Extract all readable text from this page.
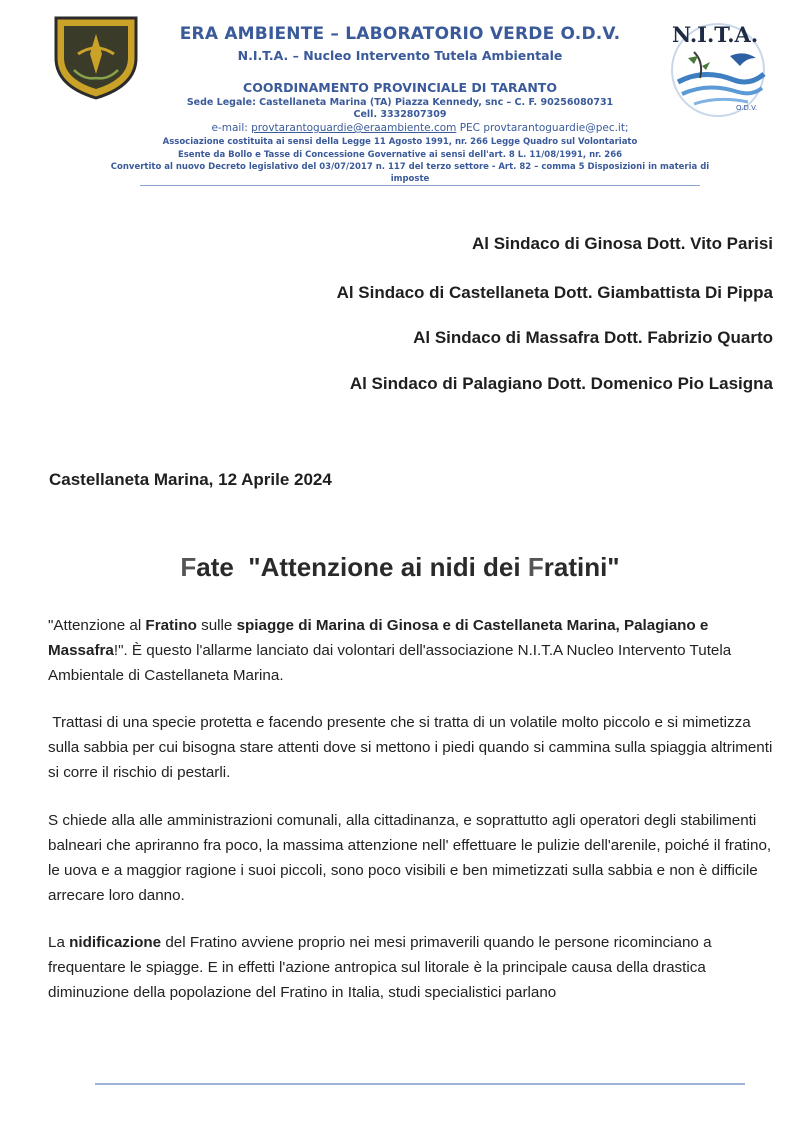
N.I.T.A.
O.D.V.
ERA AMBIENTE – LABORATORIO VERDE O.D.V.
N.I.T.A. – Nucleo Intervento Tutela Ambientale
COORDINAMENTO PROVINCIALE DI TARANTO
Sede Legale: Castellaneta Marina (TA) Piazza Kennedy, snc – C. F. 90256080731
Cell. 3332807309
e-mail: provtarantoguardie@eraambiente.com PEC provtarantoguardie@pec.it;
Associazione costituita ai sensi della Legge 11 Agosto 1991, nr. 266 Legge Quadro sul Volontariato
Esente da Bollo e Tasse di Concessione Governative ai sensi dell'art. 8 L. 11/08/1991, nr. 266
Convertito al nuovo Decreto legislativo del 03/07/2017 n. 117 del terzo settore - Art. 82 – comma 5 Disposizioni in materia di imposte
Al Sindaco di Ginosa Dott. Vito Parisi
Al Sindaco di Castellaneta Dott. Giambattista Di Pippa
Al Sindaco di Massafra Dott. Fabrizio Quarto
Al Sindaco di Palagiano Dott. Domenico Pio Lasigna
Castellaneta Marina, 12 Aprile 2024
Fate  "Attenzione ai nidi dei Fratini"
"Attenzione al Fratino sulle spiagge di Marina di Ginosa e di Castellaneta Marina, Palagiano e Massafra!". È questo l'allarme lanciato dai volontari dell'associazione N.I.T.A Nucleo Intervento Tutela Ambientale di Castellaneta Marina.
Trattasi di una specie protetta e facendo presente che si tratta di un volatile molto piccolo e si mimetizza sulla sabbia per cui bisogna stare attenti dove si mettono i piedi quando si cammina sulla spiaggia altrimenti si corre il rischio di pestarli.
S chiede alla alle amministrazioni comunali, alla cittadinanza, e soprattutto agli operatori degli stabilimenti balneari che apriranno fra poco, la massima attenzione nell' effettuare le pulizie dell'arenile, poiché il fratino, le uova e a maggior ragione i suoi piccoli, sono poco visibili e ben mimetizzati sulla sabbia e non è difficile arrecare loro danno.
La nidificazione del Fratino avviene proprio nei mesi primaverili quando le persone ricominciano a frequentare le spiagge. E in effetti l'azione antropica sul litorale è la principale causa della drastica diminuzione della popolazione del Fratino in Italia, studi specialistici parlano
